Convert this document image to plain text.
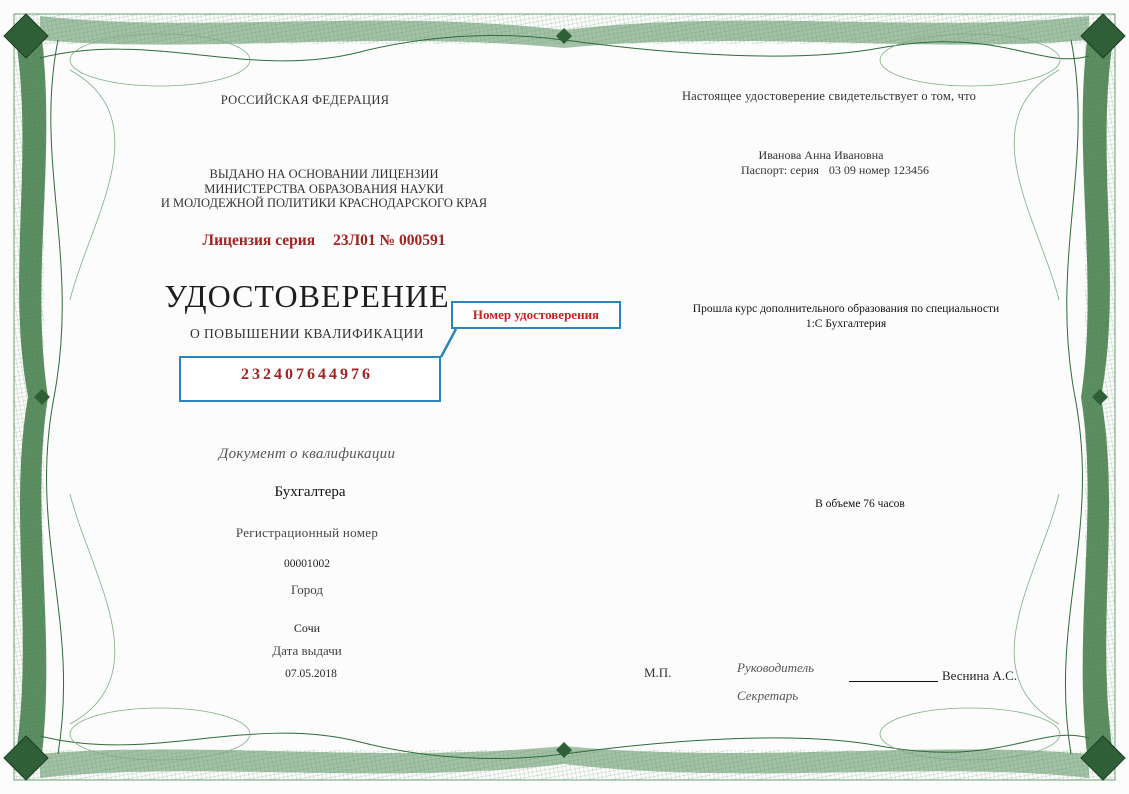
РОССИЙСКАЯ ФЕДЕРАЦИЯ
ВЫДАНО НА ОСНОВАНИИ ЛИЦЕНЗИИ
МИНИСТЕРСТВА ОБРАЗОВАНИЯ НАУКИ
И МОЛОДЕЖНОЙ ПОЛИТИКИ КРАСНОДАРСКОГО КРАЯ
Лицензия серия 23Л01 № 000591
УДОСТОВЕРЕНИЕ
О ПОВЫШЕНИИ КВАЛИФИКАЦИИ
232407644976
Номер удостоверения
Документ о квалификации
Бухгалтера
Регистрационный номер
00001002
Город
Сочи
Дата выдачи
07.05.2018
Настоящее удостоверение свидетельствует о том, что
Иванова Анна Ивановна
Паспорт: серия 03 09 номер 123456
Прошла курс дополнительного образования по специальности
1:С Бухгалтерия
В объеме 76 часов
М.П.	Руководитель
Секретарь
Веснина А.С.
